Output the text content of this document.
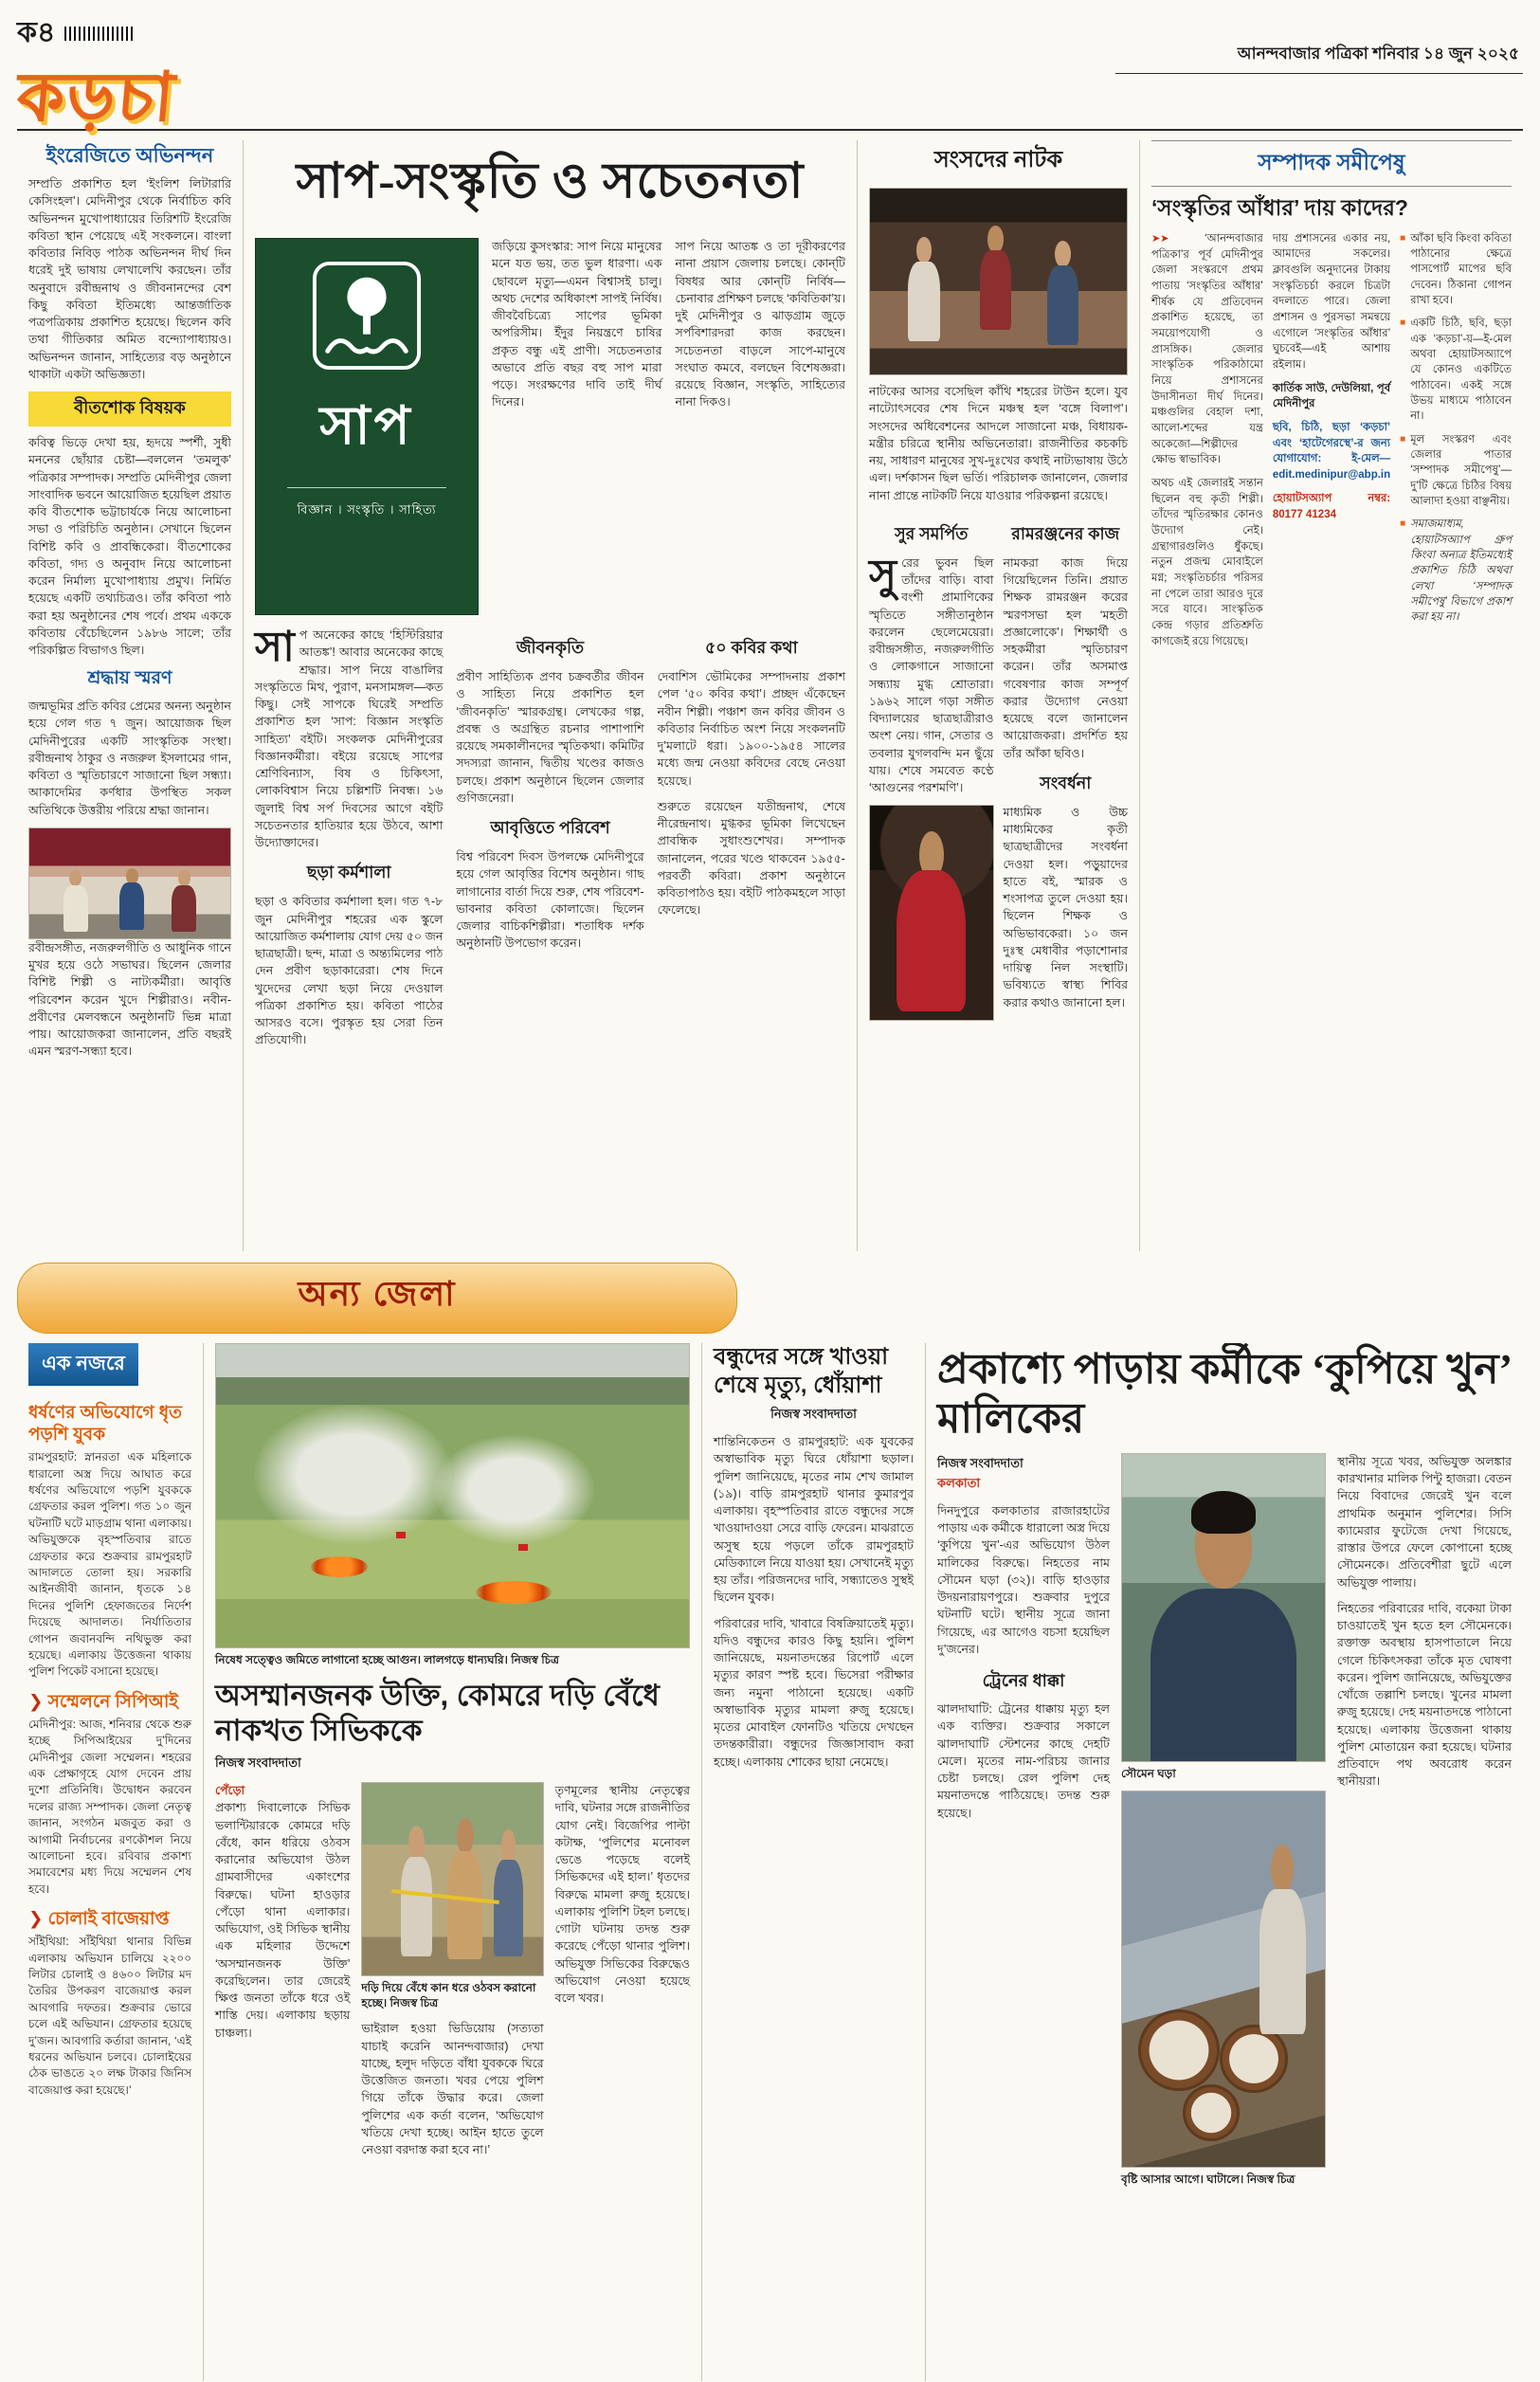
ক৪
কড়চা
আনন্দবাজার পত্রিকা শনিবার ১৪ জুন ২০২৫
ইংরেজিতে অভিনন্দন

সম্প্রতি প্রকাশিত হল ‘ইংলিশ লিটারারি কেসিংহল’। মেদিনীপুর থেকে নির্বাচিত কবি অভিনন্দন মুখোপাধ্যায়ের তিরিশটি ইংরেজি কবিতা স্থান পেয়েছে এই সংকলনে। বাংলা কবিতার নিবিড় পাঠক অভিনন্দন দীর্ঘ দিন ধরেই দুই ভাষায় লেখালেখি করছেন। তাঁর অনুবাদে রবীন্দ্রনাথ ও জীবনানন্দের বেশ কিছু কবিতা ইতিমধ্যে আন্তর্জাতিক পত্রপত্রিকায় প্রকাশিত হয়েছে। ছিলেন কবি তথা গীতিকার অমিত বন্দ্যোপাধ্যায়ও। অভিনন্দন জানান, সাহিত্যের বড় অনুষ্ঠানে থাকাটা একটা অভিজ্ঞতা।

বীতশোক বিষয়ক

কবিত্ব ভিড়ে দেখা হয়, হৃদয়ে স্পর্শী, সুধী মননের ছোঁয়ার চেষ্টা—বললেন ‘তমলুক’ পত্রিকার সম্পাদক। সম্প্রতি মেদিনীপুর জেলা সাংবাদিক ভবনে আয়োজিত হয়েছিল প্রয়াত কবি বীতশোক ভট্টাচার্যকে নিয়ে আলোচনা সভা ও পরিচিতি অনুষ্ঠান। সেখানে ছিলেন বিশিষ্ট কবি ও প্রাবন্ধিকেরা। বীতশোকের কবিতা, গদ্য ও অনুবাদ নিয়ে আলোচনা করেন নির্মাল্য মুখোপাধ্যায় প্রমুখ। নির্মিত হয়েছে একটি তথ্যচিত্রও। তাঁর কবিতা পাঠ করা হয় অনুষ্ঠানের শেষ পর্বে। প্রথম এককে কবিতায় বেঁচেছিলেন ১৯৮৬ সালে; তাঁর পরিকল্পিত বিভাগও ছিল।

শ্রদ্ধায় স্মরণ

জন্মভূমির প্রতি কবির প্রেমের অনন্য অনুষ্ঠান হয়ে গেল গত ৭ জুন। আয়োজক ছিল মেদিনীপুরের একটি সাংস্কৃতিক সংস্থা। রবীন্দ্রনাথ ঠাকুর ও নজরুল ইসলামের গান, কবিতা ও স্মৃতিচারণে সাজানো ছিল সন্ধ্যা। আকাদেমির কর্ণধার উপস্থিত সকল অতিথিকে উত্তরীয় পরিয়ে শ্রদ্ধা জানান।

রবীন্দ্রসঙ্গীত, নজরুলগীতি ও আধুনিক গানে মুখর হয়ে ওঠে সভাঘর। ছিলেন জেলার বিশিষ্ট শিল্পী ও নাট্যকর্মীরা। আবৃত্তি পরিবেশন করেন খুদে শিল্পীরাও। নবীন-প্রবীণের মেলবন্ধনে অনুষ্ঠানটি ভিন্ন মাত্রা পায়। আয়োজকরা জানালেন, প্রতি বছরই এমন স্মরণ-সন্ধ্যা হবে।

সাপ-সংস্কৃতি ও সচেতনতা
সাপ
বিজ্ঞান । সংস্কৃতি । সাহিত্য

জড়িয়ে কুসংস্কার: সাপ নিয়ে মানুষের মনে যত ভয়, তত ভুল ধারণা। এক ছোবলে মৃত্যু—এমন বিশ্বাসই চালু। অথচ দেশের অধিকাংশ সাপই নির্বিষ। জীববৈচিত্র্যে সাপের ভূমিকা অপরিসীম। ইঁদুর নিয়ন্ত্রণে চাষির প্রকৃত বন্ধু এই প্রাণী। সচেতনতার অভাবে প্রতি বছর বহু সাপ মারা পড়ে। সংরক্ষণের দাবি তাই দীর্ঘ দিনের।

সাপ নিয়ে আতঙ্ক ও তা দূরীকরণের নানা প্রয়াস জেলায় চলছে। কোন্‌টি বিষধর আর কোন্‌টি নির্বিষ—চেনাবার প্রশিক্ষণ চলছে ‘কবিতিকা’য়। দুই মেদিনীপুর ও ঝাড়গ্রাম জুড়ে সর্পবিশারদরা কাজ করছেন। সচেতনতা বাড়লে সাপে-মানুষে সংঘাত কমবে, বলছেন বিশেষজ্ঞরা। রয়েছে বিজ্ঞান, সংস্কৃতি, সাহিত্যের নানা দিকও।

সাপ অনেকের কাছে ‘হিস্টিরিয়ার আতঙ্ক’! আবার অনেকের কাছে শ্রদ্ধার। সাপ নিয়ে বাঙালির সংস্কৃতিতে মিথ, পুরাণ, মনসামঙ্গল—কত কিছু। সেই সাপকে ঘিরেই সম্প্রতি প্রকাশিত হল ‘সাপ: বিজ্ঞান সংস্কৃতি সাহিত্য’ বইটি। সংকলক মেদিনীপুরের বিজ্ঞানকর্মীরা। বইয়ে রয়েছে সাপের শ্রেণিবিন্যাস, বিষ ও চিকিৎসা, লোকবিশ্বাস নিয়ে চল্লিশটি নিবন্ধ। ১৬ জুলাই বিশ্ব সর্প দিবসের আগে বইটি সচেতনতার হাতিয়ার হয়ে উঠবে, আশা উদ্যোক্তাদের।

ছড়া কর্মশালা

ছড়া ও কবিতার কর্মশালা হল। গত ৭-৮ জুন মেদিনীপুর শহরের এক স্কুলে আয়োজিত কর্মশালায় যোগ দেয় ৫০ জন ছাত্রছাত্রী। ছন্দ, মাত্রা ও অন্ত্যমিলের পাঠ দেন প্রবীণ ছড়াকারেরা। শেষ দিনে খুদেদের লেখা ছড়া নিয়ে দেওয়াল পত্রিকা প্রকাশিত হয়। কবিতা পাঠের আসরও বসে। পুরস্কৃত হয় সেরা তিন প্রতিযোগী।

জীবনকৃতি

প্রবীণ সাহিত্যিক প্রণব চক্রবর্তীর জীবন ও সাহিত্য নিয়ে প্রকাশিত হল ‘জীবনকৃতি’ স্মারকগ্রন্থ। লেখকের গল্প, প্রবন্ধ ও অগ্রন্থিত রচনার পাশাপাশি রয়েছে সমকালীনদের স্মৃতিকথা। কমিটির সদস্যরা জানান, দ্বিতীয় খণ্ডের কাজও চলছে। প্রকাশ অনুষ্ঠানে ছিলেন জেলার গুণিজনেরা।

আবৃত্তিতে পরিবেশ

বিশ্ব পরিবেশ দিবস উপলক্ষে মেদিনীপুরে হয়ে গেল আবৃত্তির বিশেষ অনুষ্ঠান। গাছ লাগানোর বার্তা দিয়ে শুরু, শেষ পরিবেশ-ভাবনার কবিতা কোলাজে। ছিলেন জেলার বাচিকশিল্পীরা। শতাধিক দর্শক অনুষ্ঠানটি উপভোগ করেন।

৫০ কবির কথা

দেবাশিস ভৌমিকের সম্পাদনায় প্রকাশ পেল ‘৫০ কবির কথা’। প্রচ্ছদ এঁকেছেন নবীন শিল্পী। পঞ্চাশ জন কবির জীবন ও কবিতার নির্বাচিত অংশ নিয়ে সংকলনটি দু’মলাটে ধরা। ১৯০০-১৯৫৪ সালের মধ্যে জন্ম নেওয়া কবিদের বেছে নেওয়া হয়েছে।

শুরুতে রয়েছেন যতীন্দ্রনাথ, শেষে নীরেন্দ্রনাথ। মুগ্ধকর ভূমিকা লিখেছেন প্রাবন্ধিক সুধাংশুশেখর। সম্পাদক জানালেন, পরের খণ্ডে থাকবেন ১৯৫৫-পরবর্তী কবিরা। প্রকাশ অনুষ্ঠানে কবিতাপাঠও হয়। বইটি পাঠকমহলে সাড়া ফেলেছে।

সংসদের নাটক

নাটকের আসর বসেছিল কাঁথি শহরের টাউন হলে। যুব নাট্যোৎসবের শেষ দিনে মঞ্চস্থ হল ‘বঙ্গে বিলাপ’। সংসদের অধিবেশনের আদলে সাজানো মঞ্চ, বিধায়ক-মন্ত্রীর চরিত্রে স্থানীয় অভিনেতারা। রাজনীতির কচকচি নয়, সাধারণ মানুষের সুখ-দুঃখের কথাই নাট্যভাষায় উঠে এল। দর্শকাসন ছিল ভর্তি। পরিচালক জানালেন, জেলার নানা প্রান্তে নাটকটি নিয়ে যাওয়ার পরিকল্পনা রয়েছে।

সুর সমর্পিত

সুরের ভুবন ছিল তাঁদের বাড়ি। বাবা বংশী প্রামাণিকের স্মৃতিতে সঙ্গীতানুষ্ঠান করলেন ছেলেমেয়েরা। রবীন্দ্রসঙ্গীত, নজরুলগীতি ও লোকগানে সাজানো সন্ধ্যায় মুগ্ধ শ্রোতারা। ১৯৬২ সালে গড়া সঙ্গীত বিদ্যালয়ের ছাত্রছাত্রীরাও অংশ নেয়। গান, সেতার ও তবলার যুগলবন্দি মন ছুঁয়ে যায়। শেষে সমবেত কণ্ঠে ‘আগুনের পরশমণি’।

রামরঞ্জনের কাজ

নামকরা কাজ দিয়ে গিয়েছিলেন তিনি। প্রয়াত শিক্ষক রামরঞ্জন করের স্মরণসভা হল ‘মহতী প্রজ্ঞালোকে’। শিক্ষার্থী ও সহকর্মীরা স্মৃতিচারণ করেন। তাঁর অসমাপ্ত গবেষণার কাজ সম্পূর্ণ করার উদ্যোগ নেওয়া হয়েছে বলে জানালেন আয়োজকরা। প্রদর্শিত হয় তাঁর আঁকা ছবিও।

সংবর্ধনা

মাধ্যমিক ও উচ্চ মাধ্যমিকের কৃতী ছাত্রছাত্রীদের সংবর্ধনা দেওয়া হল। পড়ুয়াদের হাতে বই, স্মারক ও শংসাপত্র তুলে দেওয়া হয়। ছিলেন শিক্ষক ও অভিভাবকেরা। ১০ জন দুঃস্থ মেধাবীর পড়াশোনার দায়িত্ব নিল সংস্থাটি। ভবিষ্যতে স্বাস্থ্য শিবির করার কথাও জানানো হল।

সম্পাদক সমীপেষু
‘সংস্কৃতির আঁধার’ দায় কাদের?

➤➤	‘আনন্দবাজার পত্রিকা’র পূর্ব মেদিনীপুর জেলা সংস্করণে প্রথম পাতায় ‘সংস্কৃতির আঁধার’ শীর্ষক যে প্রতিবেদন প্রকাশিত হয়েছে, তা সময়োপযোগী ও প্রাসঙ্গিক। জেলার সাংস্কৃতিক পরিকাঠামো নিয়ে প্রশাসনের উদাসীনতা দীর্ঘ দিনের। মঞ্চগুলির বেহাল দশা, আলো-শব্দের যন্ত্র অকেজো—শিল্পীদের ক্ষোভ স্বাভাবিক।

অথচ এই জেলারই সন্তান ছিলেন বহু কৃতী শিল্পী। তাঁদের স্মৃতিরক্ষার কোনও উদ্যোগ নেই। গ্রন্থাগারগুলিও ধুঁকছে। নতুন প্রজন্ম মোবাইলে মগ্ন; সংস্কৃতিচর্চার পরিসর না পেলে তারা আরও দূরে সরে যাবে। সাংস্কৃতিক কেন্দ্র গড়ার প্রতিশ্রুতি কাগজেই রয়ে গিয়েছে।

দায় প্রশাসনের একার নয়, আমাদের সকলের। ক্লাবগুলি অনুদানের টাকায় সংস্কৃতিচর্চা করলে চিত্রটা বদলাতে পারে। জেলা প্রশাসন ও পুরসভা সমন্বয়ে এগোলে ‘সংস্কৃতির আঁধার’ ঘুচবেই—এই আশায় রইলাম।

কার্তিক সাউ, দেউলিয়া, পূর্ব মেদিনীপুর

ছবি, চিঠি, ছড়া ‘কড়চা’ এবং ‘হাটেগেরস্থে’-র জন্য যোগাযোগ: ই-মেল— edit.medinipur@abp.in

হোয়াটসঅ্যাপ নম্বর: 80177 41234

■ আঁকা ছবি কিংবা কবিতা পাঠানোর ক্ষেত্রে পাসপোর্ট মাপের ছবি দেবেন। ঠিকানা গোপন রাখা হবে।
■ একটি চিঠি, ছবি, ছড়া এক ‘কড়চা’-য়—ই-মেল অথবা হোয়াটসঅ্যাপে যে কোনও একটিতে পাঠাবেন। একই সঙ্গে উভয় মাধ্যমে পাঠাবেন না।
■ মূল সংস্করণ এবং জেলার পাতার ‘সম্পাদক সমীপেষু’—দু’টি ক্ষেত্রে চিঠির বিষয় আলাদা হওয়া বাঞ্ছনীয়।
■ সমাজমাধ্যম, হোয়াটসঅ্যাপ গ্রুপ কিংবা অন্যত্র ইতিমধ্যেই প্রকাশিত চিঠি অথবা লেখা ‘সম্পাদক সমীপেষু’ বিভাগে প্রকাশ করা হয় না।
অন্য জেলা
এক নজরে
ধর্ষণের অভিযোগে ধৃত পড়শি যুবক

রামপুরহাট: স্নানরতা এক মহিলাকে ধারালো অস্ত্র দিয়ে আঘাত করে ধর্ষণের অভিযোগে পড়শি যুবককে গ্রেফতার করল পুলিশ। গত ১০ জুন ঘটনাটি ঘটে মাড়গ্রাম থানা এলাকায়। অভিযুক্তকে বৃহস্পতিবার রাতে গ্রেফতার করে শুক্রবার রামপুরহাট আদালতে তোলা হয়। সরকারি আইনজীবী জানান, ধৃতকে ১৪ দিনের পুলিশি হেফাজতের নির্দেশ দিয়েছে আদালত। নির্যাতিতার গোপন জবানবন্দি নথিভুক্ত করা হয়েছে। এলাকায় উত্তেজনা থাকায় পুলিশ পিকেট বসানো হয়েছে।

❯ সম্মেলনে সিপিআই

মেদিনীপুর: আজ, শনিবার থেকে শুরু হচ্ছে সিপিআইয়ের দু’দিনের মেদিনীপুর জেলা সম্মেলন। শহরের এক প্রেক্ষাগৃহে যোগ দেবেন প্রায় দুশো প্রতিনিধি। উদ্বোধন করবেন দলের রাজ্য সম্পাদক। জেলা নেতৃত্ব জানান, সংগঠন মজবুত করা ও আগামী নির্বাচনের রণকৌশল নিয়ে আলোচনা হবে। রবিবার প্রকাশ্য সমাবেশের মধ্য দিয়ে সম্মেলন শেষ হবে।

❯ চোলাই বাজেয়াপ্ত

সাঁইথিয়া: সাঁইথিয়া থানার বিভিন্ন এলাকায় অভিযান চালিয়ে ২২০০ লিটার চোলাই ও ৪৬০০ লিটার মদ তৈরির উপকরণ বাজেয়াপ্ত করল আবগারি দফতর। শুক্রবার ভোরে চলে এই অভিযান। গ্রেফতার হয়েছে দু’জন। আবগারি কর্তারা জানান, ‘এই ধরনের অভিযান চলবে। চোলাইয়ের ঠেক ভাঙতে ২০ লক্ষ টাকার জিনিস বাজেয়াপ্ত করা হয়েছে।’

নিষেধ সত্ত্বেও জমিতে লাগানো হচ্ছে আগুন। লালগড়ে ধান্যঘরি। নিজস্ব চিত্র

অসম্মানজনক উক্তি, কোমরে দড়ি বেঁধে নাকখত সিভিককে

নিজস্ব সংবাদদাতা

পেঁড়ো
প্রকাশ্য দিবালোকে সিভিক ভলান্টিয়ারকে কোমরে দড়ি বেঁধে, কান ধরিয়ে ওঠবস করানোর অভিযোগ উঠল গ্রামবাসীদের একাংশের বিরুদ্ধে। ঘটনা হাওড়ার পেঁড়ো থানা এলাকার। অভিযোগ, ওই সিভিক স্থানীয় এক মহিলার উদ্দেশে ‘অসম্মানজনক উক্তি’ করেছিলেন। তার জেরেই ক্ষিপ্ত জনতা তাঁকে ধরে ওই শাস্তি দেয়। এলাকায় ছড়ায় চাঞ্চল্য।

দড়ি দিয়ে বেঁধে কান ধরে ওঠবস করানো হচ্ছে। নিজস্ব চিত্র

ভাইরাল হওয়া ভিডিয়োয় (সত্যতা যাচাই করেনি আনন্দবাজার) দেখা যাচ্ছে, হলুদ দড়িতে বাঁধা যুবককে ঘিরে উত্তেজিত জনতা। খবর পেয়ে পুলিশ গিয়ে তাঁকে উদ্ধার করে। জেলা পুলিশের এক কর্তা বলেন, ‘অভিযোগ খতিয়ে দেখা হচ্ছে। আইন হাতে তুলে নেওয়া বরদাস্ত করা হবে না।’

তৃণমূলের স্থানীয় নেতৃত্বের দাবি, ঘটনার সঙ্গে রাজনীতির যোগ নেই। বিজেপির পাল্টা কটাক্ষ, ‘পুলিশের মনোবল ভেঙে পড়েছে বলেই সিভিকদের এই হাল।’ ধৃতদের বিরুদ্ধে মামলা রুজু হয়েছে। এলাকায় পুলিশি টহল চলছে। গোটা ঘটনায় তদন্ত শুরু করেছে পেঁড়ো থানার পুলিশ। অভিযুক্ত সিভিকের বিরুদ্ধেও অভিযোগ নেওয়া হয়েছে বলে খবর।

বন্ধুদের সঙ্গে খাওয়া শেষে মৃত্যু, ধোঁয়াশা

নিজস্ব সংবাদদাতা

শান্তিনিকেতন ও রামপুরহাট: এক যুবকের অস্বাভাবিক মৃত্যু ঘিরে ধোঁয়াশা ছড়াল। পুলিশ জানিয়েছে, মৃতের নাম শেখ জামাল (১৯)। বাড়ি রামপুরহাট থানার কুমারপুর এলাকায়। বৃহস্পতিবার রাতে বন্ধুদের সঙ্গে খাওয়াদাওয়া সেরে বাড়ি ফেরেন। মাঝরাতে অসুস্থ হয়ে পড়লে তাঁকে রামপুরহাট মেডিক্যালে নিয়ে যাওয়া হয়। সেখানেই মৃত্যু হয় তাঁর। পরিজনদের দাবি, সন্ধ্যাতেও সুস্থই ছিলেন যুবক।

পরিবারের দাবি, খাবারে বিষক্রিয়াতেই মৃত্যু। যদিও বন্ধুদের কারও কিছু হয়নি। পুলিশ জানিয়েছে, ময়নাতদন্তের রিপোর্ট এলে মৃত্যুর কারণ স্পষ্ট হবে। ভিসেরা পরীক্ষার জন্য নমুনা পাঠানো হয়েছে। একটি অস্বাভাবিক মৃত্যুর মামলা রুজু হয়েছে। মৃতের মোবাইল ফোনটিও খতিয়ে দেখছেন তদন্তকারীরা। বন্ধুদের জিজ্ঞাসাবাদ করা হচ্ছে। এলাকায় শোকের ছায়া নেমেছে।

প্রকাশ্যে পাড়ায় কর্মীকে ‘কুপিয়ে খুন’ মালিকের

নিজস্ব সংবাদদাতা
কলকাতা

দিনদুপুরে কলকাতার রাজারহাটের পাড়ায় এক কর্মীকে ধারালো অস্ত্র দিয়ে ‘কুপিয়ে খুন’-এর অভিযোগ উঠল মালিকের বিরুদ্ধে। নিহতের নাম সৌমেন ঘড়া (৩২)। বাড়ি হাওড়ার উদয়নারায়ণপুরে। শুক্রবার দুপুরে ঘটনাটি ঘটে। স্থানীয় সূত্রে জানা গিয়েছে, এর আগেও বচসা হয়েছিল দু’জনের।

ট্রেনের ধাক্কা

ঝালদাঘাটি: ট্রেনের ধাক্কায় মৃত্যু হল এক ব্যক্তির। শুক্রবার সকালে ঝালদাঘাটি স্টেশনের কাছে দেহটি মেলে। মৃতের নাম-পরিচয় জানার চেষ্টা চলছে। রেল পুলিশ দেহ ময়নাতদন্তে পাঠিয়েছে। তদন্ত শুরু হয়েছে।

সৌমেন ঘড়া

বৃষ্টি আসার আগে। ঘাটালে। নিজস্ব চিত্র

স্থানীয় সূত্রে খবর, অভিযুক্ত অলঙ্কার কারখানার মালিক পিন্টু হাজরা। বেতন নিয়ে বিবাদের জেরেই খুন বলে প্রাথমিক অনুমান পুলিশের। সিসি ক্যামেরার ফুটেজে দেখা গিয়েছে, রাস্তার উপরে ফেলে কোপানো হচ্ছে সৌমেনকে। প্রতিবেশীরা ছুটে এলে অভিযুক্ত পালায়।

নিহতের পরিবারের দাবি, বকেয়া টাকা চাওয়াতেই খুন হতে হল সৌমেনকে। রক্তাক্ত অবস্থায় হাসপাতালে নিয়ে গেলে চিকিৎসকরা তাঁকে মৃত ঘোষণা করেন। পুলিশ জানিয়েছে, অভিযুক্তের খোঁজে তল্লাশি চলছে। খুনের মামলা রুজু হয়েছে। দেহ ময়নাতদন্তে পাঠানো হয়েছে। এলাকায় উত্তেজনা থাকায় পুলিশ মোতায়েন করা হয়েছে। ঘটনার প্রতিবাদে পথ অবরোধ করেন স্থানীয়রা।
